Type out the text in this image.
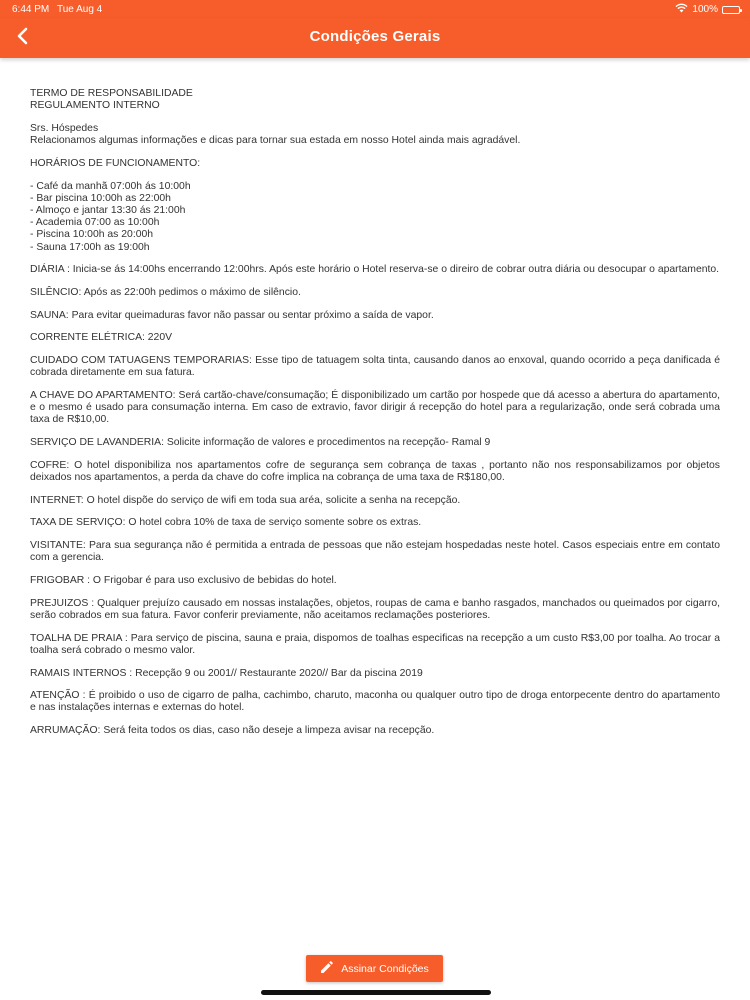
6:44 PM Tue Aug 4	100%
Condições Gerais

TERMO DE RESPONSABILIDADE

REGULAMENTO INTERNO

Srs. Hóspedes

Relacionamos algumas informações e dicas para tornar sua estada em nosso Hotel ainda mais agradável.

HORÁRIOS DE FUNCIONAMENTO:

- Café da manhã 07:00h ás 10:00h

- Bar piscina 10:00h as 22:00h

- Almoço e jantar 13:30 ás 21:00h

- Academia 07:00 as 10:00h

- Piscina 10:00h as 20:00h

- Sauna 17:00h as 19:00h

DIÁRIA : Inicia-se ás 14:00hs encerrando 12:00hrs. Após este horário o Hotel reserva-se o direiro de cobrar outra diária ou desocupar o apartamento.

SILÊNCIO: Após as 22:00h pedimos o máximo de silêncio.

SAUNA: Para evitar queimaduras favor não passar ou sentar próximo a saída de vapor.

CORRENTE ELÉTRICA: 220V

CUIDADO COM TATUAGENS TEMPORARIAS: Esse tipo de tatuagem solta tinta, causando danos ao enxoval, quando ocorrido a peça danificada é cobrada diretamente em sua fatura.

A CHAVE DO APARTAMENTO: Será cartão-chave/consumação; É disponibilizado um cartão por hospede que dá acesso a abertura do apartamento, e o mesmo é usado para consumação interna. Em caso de extravio, favor dirigir á recepção do hotel para a regularização, onde será cobrada uma taxa de R$10,00.

SERVIÇO DE LAVANDERIA: Solicite informação de valores e procedimentos na recepção- Ramal 9

COFRE: O hotel disponibiliza nos apartamentos cofre de segurança sem cobrança de taxas , portanto não nos responsabilizamos por objetos deixados nos apartamentos, a perda da chave do cofre implica na cobrança de uma taxa de R$180,00.

INTERNET: O hotel dispõe do serviço de wifi em toda sua aréa, solicite a senha na recepção.

TAXA DE SERVIÇO: O hotel cobra 10% de taxa de serviço somente sobre os extras.

VISITANTE: Para sua segurança não é permitida a entrada de pessoas que não estejam hospedadas neste hotel. Casos especiais entre em contato com a gerencia.

FRIGOBAR : O Frigobar é para uso exclusivo de bebidas do hotel.

PREJUIZOS : Qualquer prejuízo causado em nossas instalações, objetos, roupas de cama e banho rasgados, manchados ou queimados por cigarro, serão cobrados em sua fatura. Favor conferir previamente, não aceitamos reclamações posteriores.

TOALHA DE PRAIA : Para serviço de piscina, sauna e praia, dispomos de toalhas especificas na recepção a um custo R$3,00 por toalha. Ao trocar a toalha será cobrado o mesmo valor.

RAMAIS INTERNOS : Recepção 9 ou 2001// Restaurante 2020// Bar da piscina 2019

ATENÇÃO : É proibido o uso de cigarro de palha, cachimbo, charuto, maconha ou qualquer outro tipo de droga entorpecente dentro do apartamento e nas instalações internas e externas do hotel.

ARRUMAÇÃO: Será feita todos os dias, caso não deseje a limpeza avisar na recepção.

Assinar Condições
